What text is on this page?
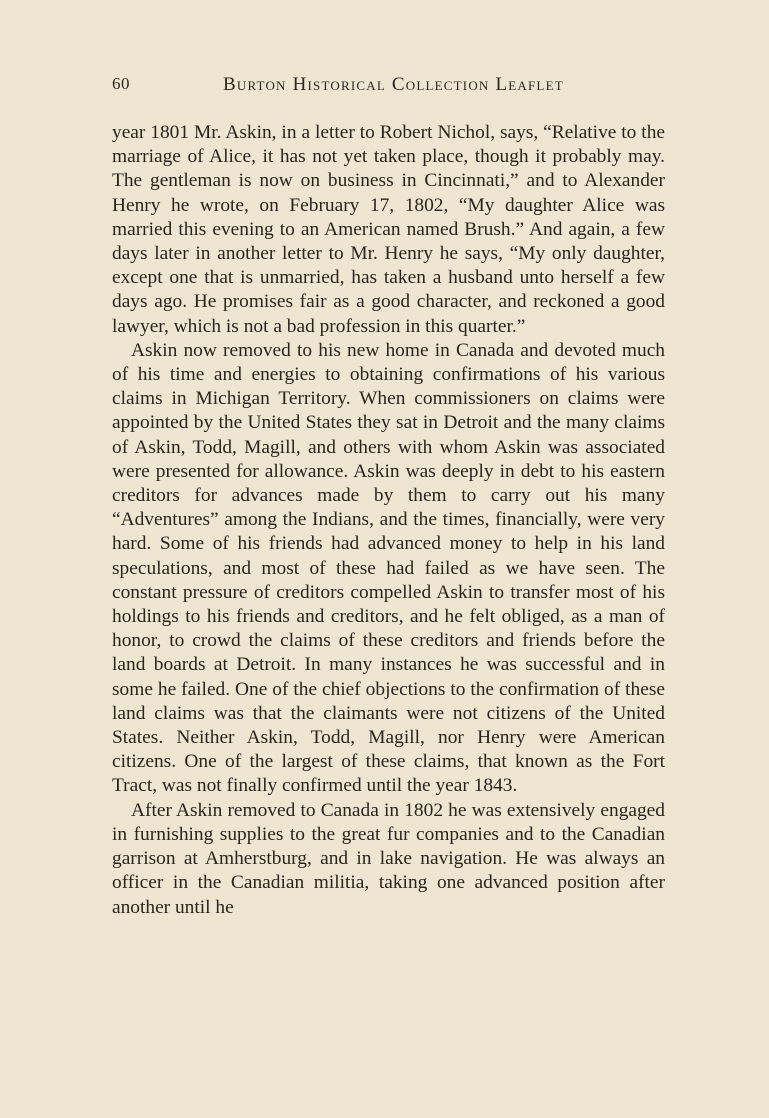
60	Burton Historical Collection Leaflet

year 1801 Mr. Askin, in a letter to Robert Nichol, says, “Relative to the marriage of Alice, it has not yet taken place, though it probably may. The gentleman is now on business in Cincinnati,” and to Alexander Henry he wrote, on February 17, 1802, “My daughter Alice was married this evening to an American named Brush.” And again, a few days later in another letter to Mr. Henry he says, “My only daughter, except one that is unmarried, has taken a husband unto herself a few days ago. He promises fair as a good character, and reckoned a good lawyer, which is not a bad profession in this quarter.”

Askin now removed to his new home in Canada and devoted much of his time and energies to obtaining confirmations of his various claims in Michigan Territory. When commissioners on claims were appointed by the United States they sat in Detroit and the many claims of Askin, Todd, Magill, and others with whom Askin was associated were presented for allowance. Askin was deeply in debt to his eastern creditors for advances made by them to carry out his many “Adventures” among the Indians, and the times, financially, were very hard. Some of his friends had advanced money to help in his land speculations, and most of these had failed as we have seen. The constant pressure of creditors compelled Askin to transfer most of his holdings to his friends and creditors, and he felt obliged, as a man of honor, to crowd the claims of these creditors and friends before the land boards at Detroit. In many instances he was successful and in some he failed. One of the chief objections to the confirmation of these land claims was that the claimants were not citizens of the United States. Neither Askin, Todd, Magill, nor Henry were American citizens. One of the largest of these claims, that known as the Fort Tract, was not finally confirmed until the year 1843.

After Askin removed to Canada in 1802 he was extensively engaged in furnishing supplies to the great fur companies and to the Canadian garrison at Amherstburg, and in lake navigation. He was always an officer in the Canadian militia, taking one advanced position after another until he
